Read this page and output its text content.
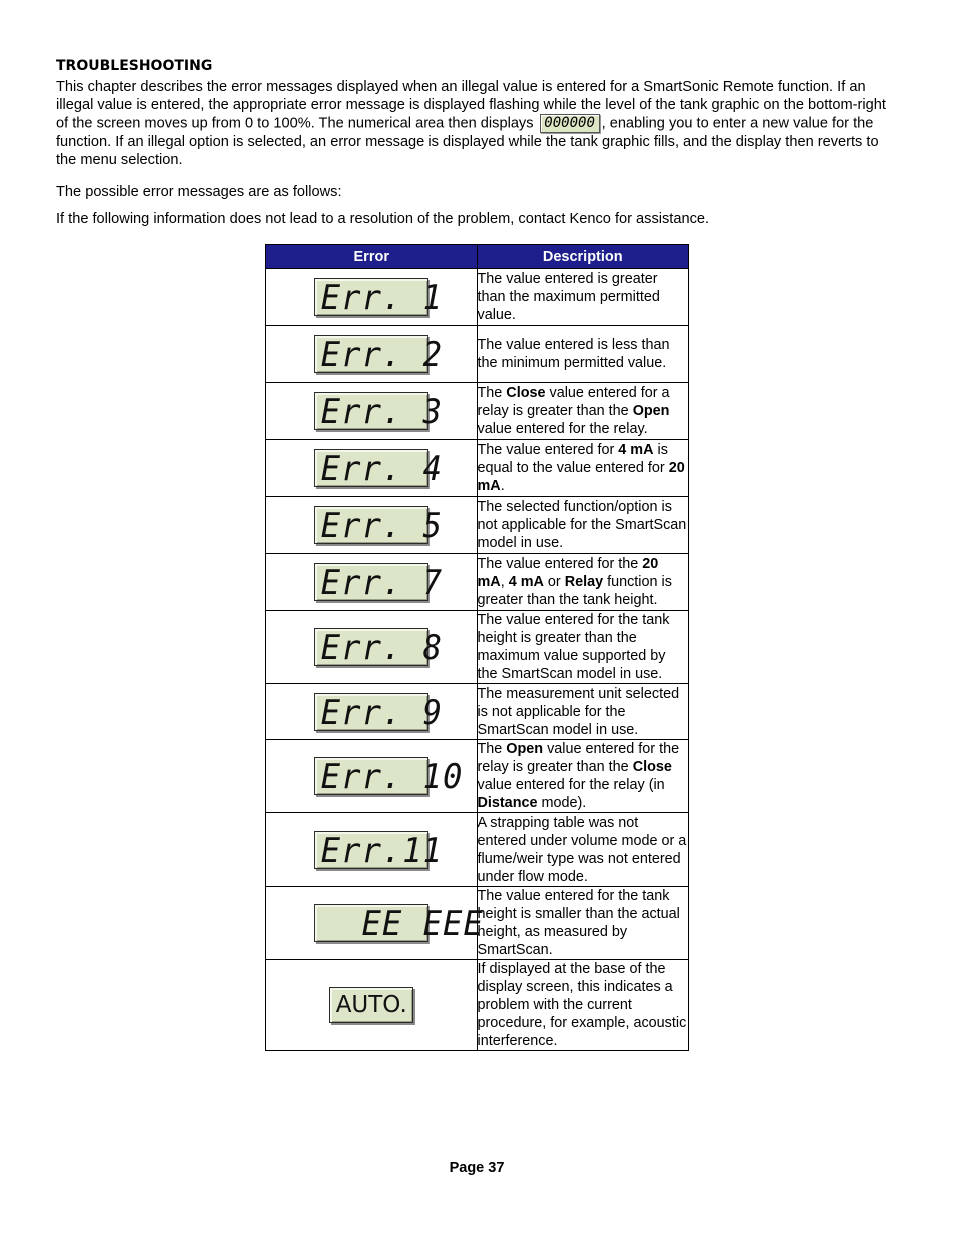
TROUBLESHOOTING

This chapter describes the error messages displayed when an illegal value is entered for a SmartSonic Remote function. If an illegal value is entered, the appropriate error message is displayed flashing while the level of the tank graphic on the bottom-right of the screen moves up from 0 to 100%. The numerical area then displays 000000 , enabling you to enter a new value for the function. If an illegal option is selected, an error message is displayed while the tank graphic fills, and the display then reverts to the menu selection.

The possible error messages are as follows:

If the following information does not lead to a resolution of the problem, contact Kenco for assistance.

Error	Description
Err. 1	The value entered is greater than the maximum permitted value.
Err. 2	The value entered is less than the minimum permitted value.
Err. 3	The Close value entered for a relay is greater than the Open value entered for the relay.
Err. 4	The value entered for 4 mA is equal to the value entered for 20 mA.
Err. 5	The selected function/option is not applicable for the SmartScan model in use.
Err. 7	The value entered for the 20 mA, 4 mA or Relay function is greater than the tank height.
Err. 8	The value entered for the tank height is greater than the maximum value supported by the SmartScan model in use.
Err. 9	The measurement unit selected is not applicable for the SmartScan model in use.
Err. 10	The Open value entered for the relay is greater than the Close value entered for the relay (in Distance mode).
Err.11	A strapping table was not entered under volume mode or a flume/weir type was not entered under flow mode.
EE EEE	The value entered for the tank height is smaller than the actual height, as measured by SmartScan.
AUTO.	If displayed at the base of the display screen, this indicates a problem with the current procedure, for example, acoustic interference.
Page 37
